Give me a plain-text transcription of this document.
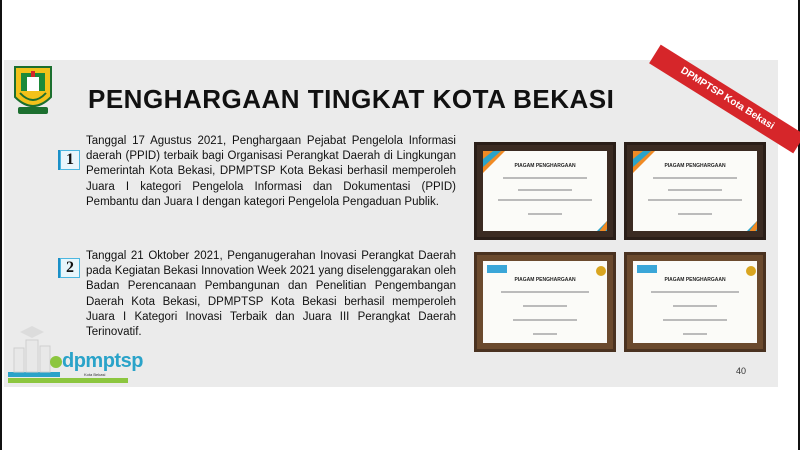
PENGHARGAAN TINGKAT KOTA BEKASI	DPMPTSP Kota Bekasi
1
Tanggal 17 Agustus 2021, Penghargaan Pejabat Pengelola Informasi daerah (PPID) terbaik bagi Organisasi Perangkat Daerah di Lingkungan Pemerintah Kota Bekasi, DPMPTSP Kota Bekasi berhasil memperoleh Juara I kategori Pengelola Informasi dan Dokumentasi (PPID) Pembantu dan Juara I dengan kategori Pengelola Pengaduan Publik.
2
Tanggal 21 Oktober 2021, Penganugerahan Inovasi Perangkat Daerah pada Kegiatan Bekasi Innovation Week 2021 yang diselenggarakan oleh Badan Perencanaan Pembangunan dan Penelitian Pengembangan Daerah Kota Bekasi, DPMPTSP Kota Bekasi berhasil memperoleh Juara I Kategori Inovasi Terbaik dan Juara III Perangkat Daerah Terinovatif.
PIAGAM PENGHARGAAN	PIAGAM PENGHARGAAN
PIAGAM PENGHARGAAN	PIAGAM PENGHARGAAN
dpmptsp
Kota Bekasi	40
